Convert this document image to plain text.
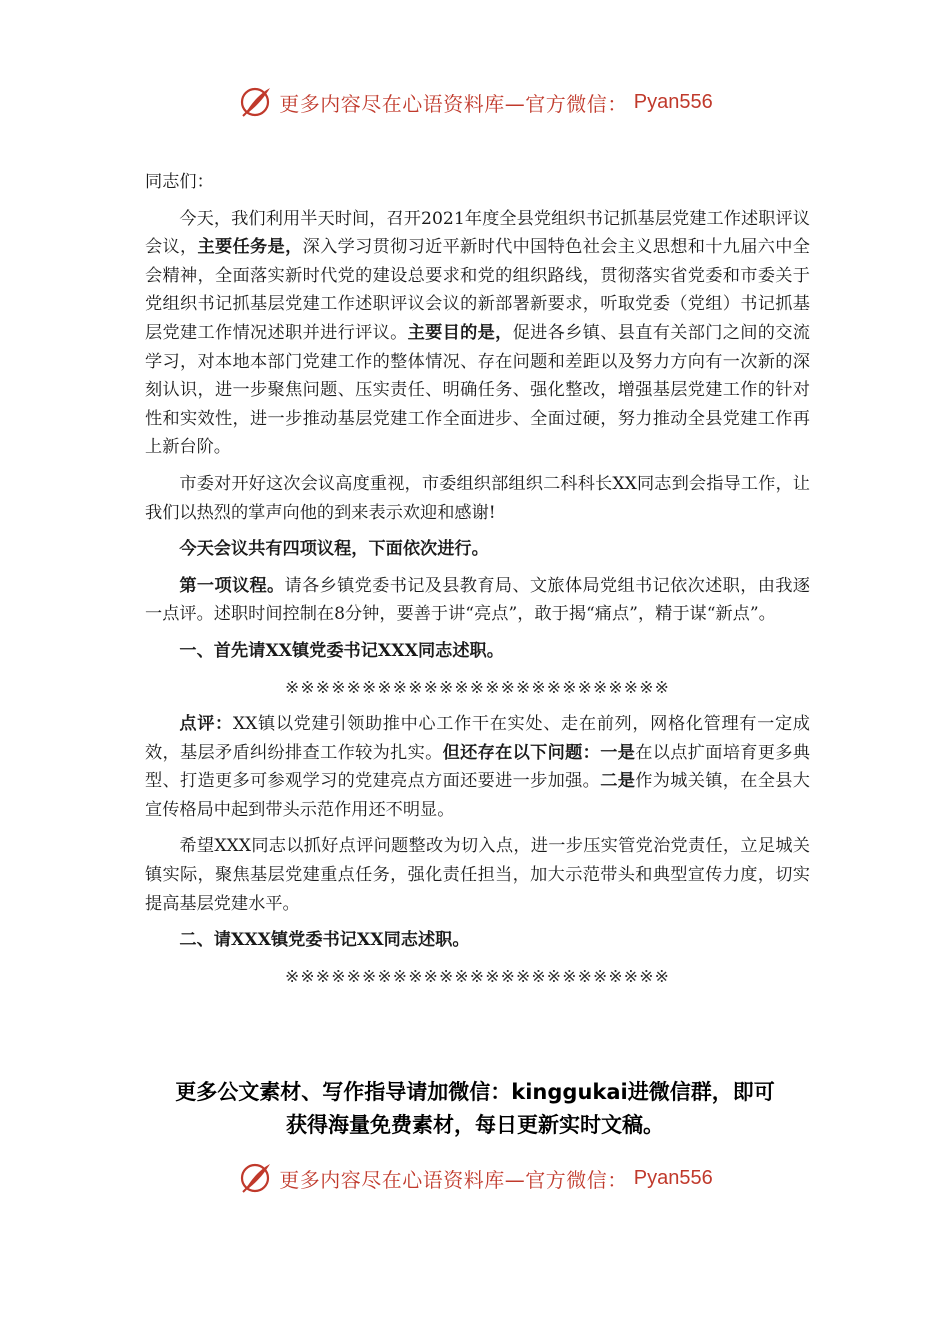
更多内容尽在心语资料库—官方微信： Pyan556

同志们：

今天，我们利用半天时间，召开2021年度全县党组织书记抓基层党建工作述职评议会议，主要任务是，深入学习贯彻习近平新时代中国特色社会主义思想和十九届六中全会精神，全面落实新时代党的建设总要求和党的组织路线，贯彻落实省党委和市委关于党组织书记抓基层党建工作述职评议会议的新部署新要求，听取党委（党组）书记抓基层党建工作情况述职并进行评议。主要目的是，促进各乡镇、县直有关部门之间的交流学习，对本地本部门党建工作的整体情况、存在问题和差距以及努力方向有一次新的深刻认识，进一步聚焦问题、压实责任、明确任务、强化整改，增强基层党建工作的针对性和实效性，进一步推动基层党建工作全面进步、全面过硬，努力推动全县党建工作再上新台阶。

市委对开好这次会议高度重视，市委组织部组织二科科长XX同志到会指导工作，让我们以热烈的掌声向他的到来表示欢迎和感谢!

今天会议共有四项议程，下面依次进行。

第一项议程。请各乡镇党委书记及县教育局、文旅体局党组书记依次述职，由我逐一点评。述职时间控制在8分钟，要善于讲“亮点”，敢于揭“痛点”，精于谋“新点”。

一、首先请XX镇党委书记XXX同志述职。

※※※※※※※※※※※※※※※※※※※※※※※※※

点评：XX镇以党建引领助推中心工作干在实处、走在前列，网格化管理有一定成效，基层矛盾纠纷排查工作较为扎实。但还存在以下问题：一是在以点扩面培育更多典型、打造更多可参观学习的党建亮点方面还要进一步加强。二是作为城关镇，在全县大宣传格局中起到带头示范作用还不明显。

希望XXX同志以抓好点评问题整改为切入点，进一步压实管党治党责任，立足城关镇实际，聚焦基层党建重点任务，强化责任担当，加大示范带头和典型宣传力度，切实提高基层党建水平。

二、请XXX镇党委书记XX同志述职。

※※※※※※※※※※※※※※※※※※※※※※※※※

更多公文素材、写作指导请加微信：kinggukai进微信群，即可
获得海量免费素材，每日更新实时文稿。
更多内容尽在心语资料库—官方微信： Pyan556
